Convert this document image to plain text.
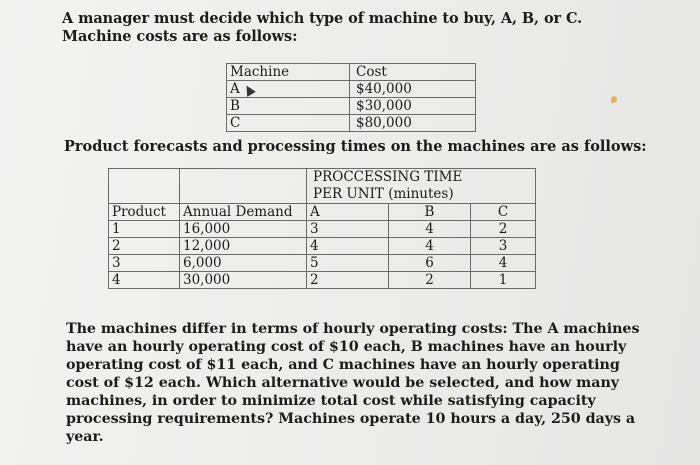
A manager must decide which type of machine to buy, A, B, or C. Machine costs are as follows:
Machine	Cost
A	$40,000
B	$30,000
C	$80,000
Product forecasts and processing times on the machines are as follows:

		PROCCESSING TIME PER UNIT (minutes)		

Product	Annual Demand	A	B	C
1	16,000	3	4	2
2	12,000	4	4	3
3	6,000	5	6	4
4	30,000	2	2	1
The machines differ in terms of hourly operating costs: The A machines have an hourly operating cost of $10 each, B machines have an hourly operating cost of $11 each, and C machines have an hourly operating cost of $12 each. Which alternative would be selected, and how many machines, in order to minimize total cost while satisfying capacity processing requirements? Machines operate 10 hours a day, 250 days a year.
